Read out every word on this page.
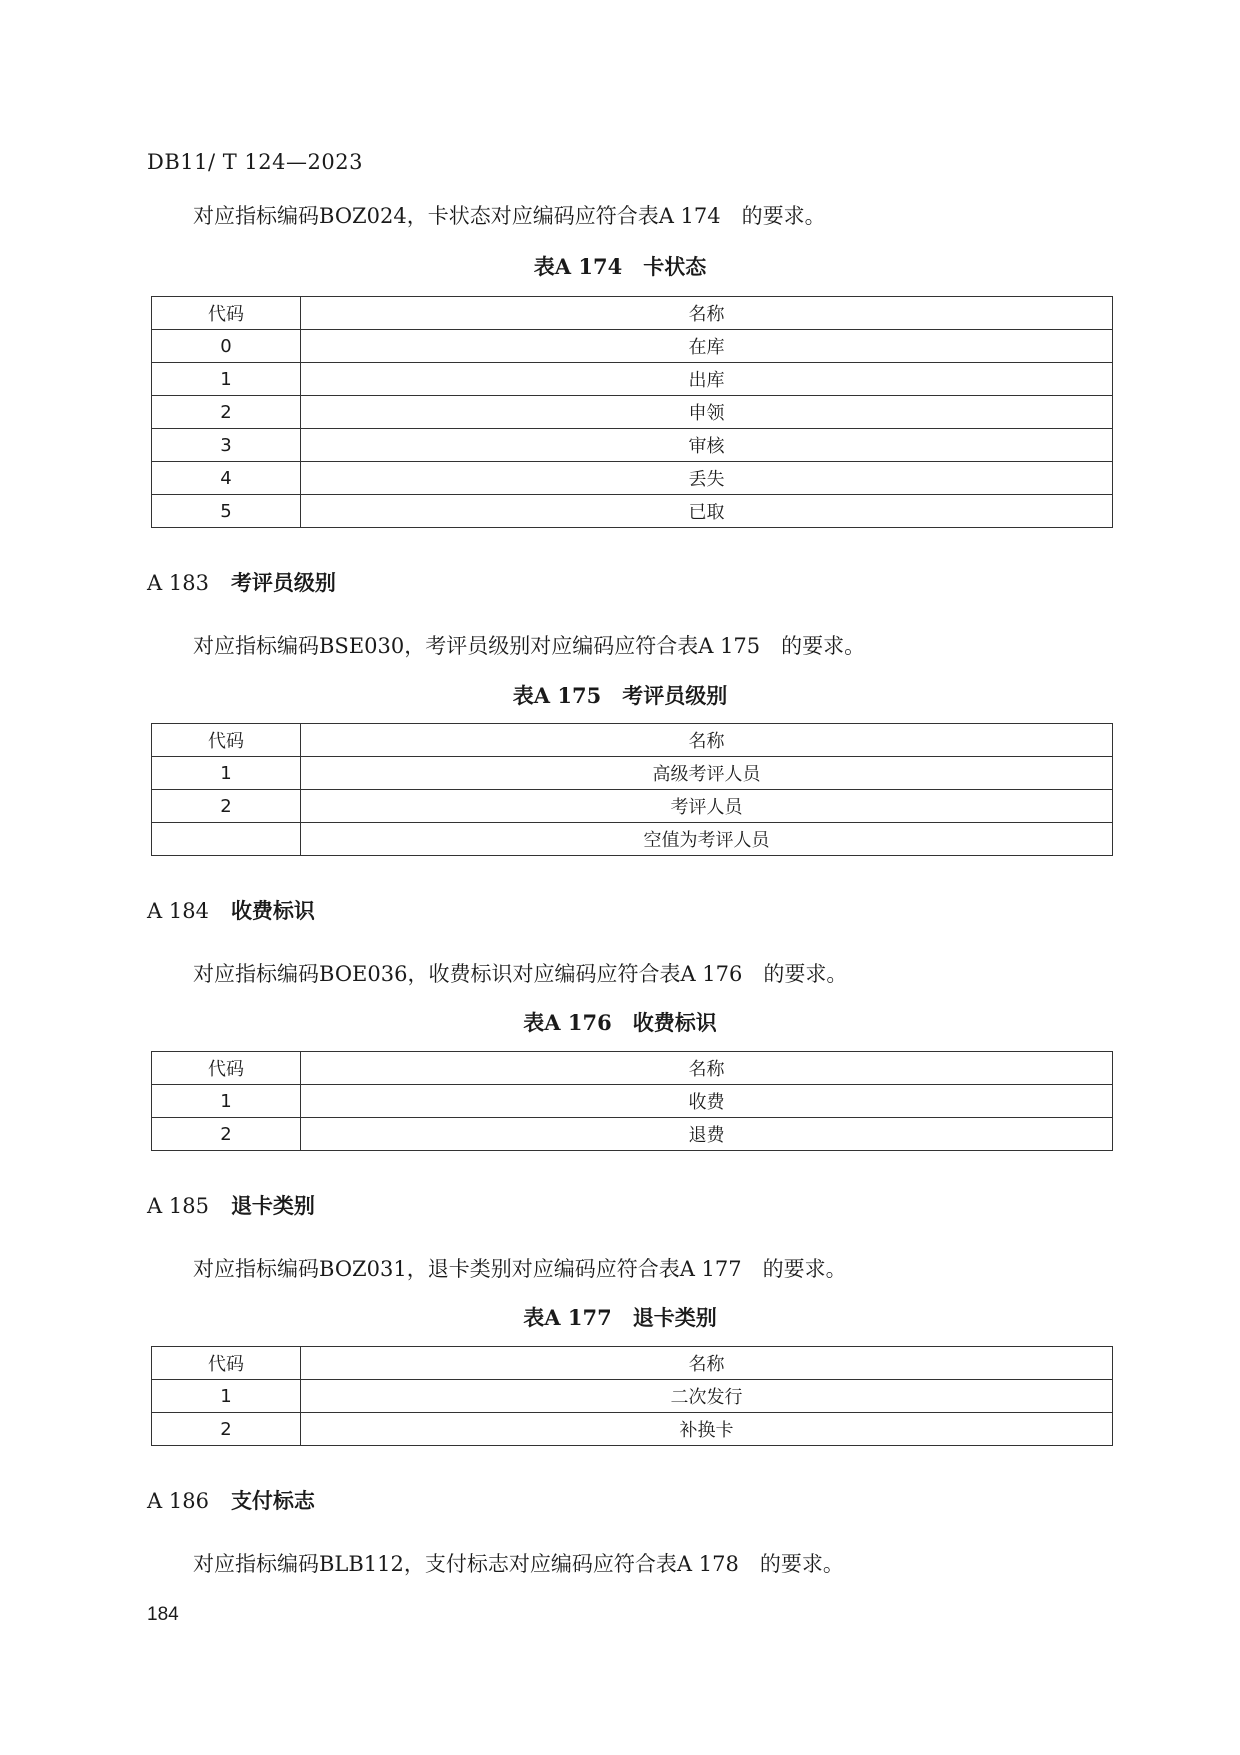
DB11/ T 124—2023
对应指标编码BOZ024，卡状态对应编码应符合表A 174　的要求。
表A 174　卡状态
代码	名称
0	在库
1	出库
2	申领
3	审核
4	丢失
5	已取
A 183 考评员级别
对应指标编码BSE030，考评员级别对应编码应符合表A 175　的要求。
表A 175　考评员级别
代码	名称
1	高级考评人员
2	考评人员
	空值为考评人员
A 184 收费标识
对应指标编码BOE036，收费标识对应编码应符合表A 176　的要求。
表A 176　收费标识
代码	名称
1	收费
2	退费
A 185 退卡类别
对应指标编码BOZ031，退卡类别对应编码应符合表A 177　的要求。
表A 177　退卡类别
代码	名称
1	二次发行
2	补换卡
A 186 支付标志
对应指标编码BLB112，支付标志对应编码应符合表A 178　的要求。
184
